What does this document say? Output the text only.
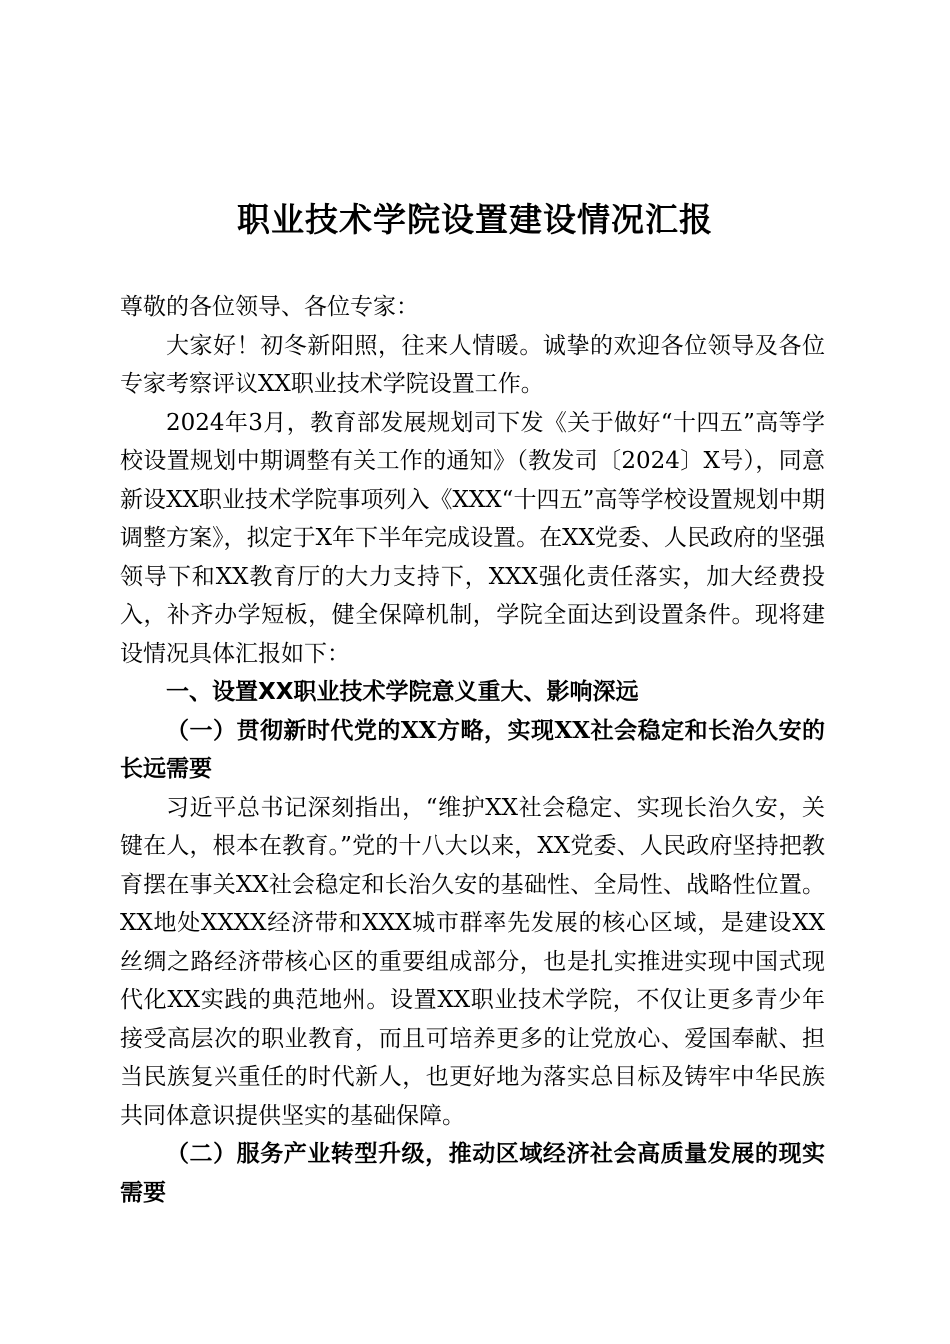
职业技术学院设置建设情况汇报

尊敬的各位领导、各位专家：

大家好！初冬新阳照，往来人情暖。诚挚的欢迎各位领导及各位专家考察评议XX职业技术学院设置工作。

2024年3月，教育部发展规划司下发《关于做好“十四五”高等学校设置规划中期调整有关工作的通知》（教发司〔2024〕X号），同意新设XX职业技术学院事项列入《XXX“十四五”高等学校设置规划中期调整方案》，拟定于X年下半年完成设置。在XX党委、人民政府的坚强领导下和XX教育厅的大力支持下，XXX强化责任落实，加大经费投入，补齐办学短板，健全保障机制，学院全面达到设置条件。现将建设情况具体汇报如下：

一、设置XX职业技术学院意义重大、影响深远

（一）贯彻新时代党的XX方略，实现XX社会稳定和长治久安的长远需要

习近平总书记深刻指出，“维护XX社会稳定、实现长治久安，关键在人，根本在教育。”党的十八大以来，XX党委、人民政府坚持把教育摆在事关XX社会稳定和长治久安的基础性、全局性、战略性位置。XX地处XXXX经济带和XXX城市群率先发展的核心区域，是建设XX丝绸之路经济带核心区的重要组成部分，也是扎实推进实现中国式现代化XX实践的典范地州。设置XX职业技术学院，不仅让更多青少年接受高层次的职业教育，而且可培养更多的让党放心、爱国奉献、担当民族复兴重任的时代新人，也更好地为落实总目标及铸牢中华民族共同体意识提供坚实的基础保障。

（二）服务产业转型升级，推动区域经济社会高质量发展的现实需要
